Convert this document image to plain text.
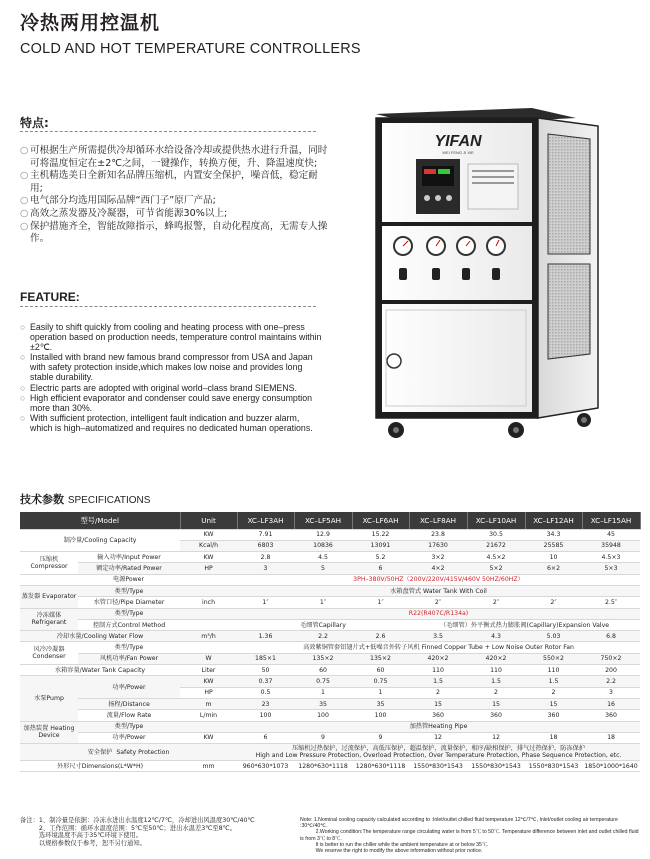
冷热两用控温机
COLD AND HOT TEMPERATURE CONTROLLERS
特点:
○ 可根据生产所需提供冷却循环水给设备冷却或提供热水进行升温，同时可将温度恒定在±2℃之间，一键操作，转换方便，升、降温速度快;
○ 主机精选美日全新知名品牌压缩机，内置安全保护，噪音低，稳定耐用;
○ 电气部分均选用国际品牌“西门子”原厂产品;
○ 高效之蒸发器及冷凝器，可节省能源30%以上;
○ 保护措施齐全，智能故障指示，蜂鸣报警，自动化程度高，无需专人操作。
FEATURE:
○ Easily to shift quickly from cooling and heating process with one–press operation based on production needs, temperature control maintains within ±2℃.
○ Installed with brand new famous brand compressor from USA and Japan with safety protection inside,which makes low noise and provides long stable durability.
○ Electric parts are adopted with original world–class brand SIEMENS.
○ High efficient evaporator and condenser could save energy consumption more than 30%.
○ With sufficient protection, intelligent fault indication and buzzer alarm, which is high–automatized and requires no dedicated human operations.
YIFAN
WEI FENG JI XIE
技术参数 SPECIFICATIONS
型号/Model		Unit	XC–LF3AH	XC–LF5AH	XC–LF6AH	XC–LF8AH	XC–LF10AH	XC–LF12AH	XC–LF15AH
制冷量/Cooling Capacity		KW	7.91	12.9	15.22	23.8	30.5	34.3	45
		Kcal/h	6803	10836	13091	17630	21672	25585	35948
压缩机 Compressor	输入功率/Input Power	KW	2.8	4.5	5.2	3×2	4.5×2	10	4.5×3
	额定功率/Rated Power	HP	3	5	6	4×2	5×2	6×2	5×3
电源Power			3PH–380V/50HZ（200V/220V/415V/460V 50HZ/60HZ）						
蒸发器 Evaporator	类型/Type		水箱盘管式 Water Tank With Coil						
	水管口径/Pipe Diameter	inch	1″	1″	1″	2″	2″	2″	2.5″
冷冻媒体 Refrigerant	类型/Type		R22(R407C/R134a)						
	控制方式Control Method		毛细管Capillary			（毛细管）外平衡式热力膨胀阀(Capillary)Expansion Valve			
冷却水量/Cooling Water Flow		m³/h	1.36	2.2	2.6	3.5	4.3	5.03	6.8
风冷冷凝器 Condenser	类型/Type		高效紫铜管套铝翅片式+低噪音外转子风机 Finned Copper Tube + Low Noise Outer Rotor Fan						
	风机功率/Fan Power	W	185×1	135×2	135×2	420×2	420×2	550×2	750×2
水箱容量/Water Tank Capacity		Liter	50	60	60	110	110	110	200
水泵Pump	功率/Power	KW	0.37	0.75	0.75	1.5	1.5	1.5	2.2
		HP	0.5	1	1	2	2	2	3
	扬程/Distance	m	23	35	35	15	15	15	16
	流量/Flow Rate	L/min	100	100	100	360	360	360	360
加热装置 Heating Device	类型/Type		加热管Heating Pipe						
	功率/Power	KW	6	9	9	12	12	18	18
安全保护 Safety Protection			压缩机过热保护，过流保护，高低压保护，超温保护，流量保护，相序/缺相保护，排气过热保护，防冻保护
High and Low Pressure Protection, Overload Protection, Over Temperature Protection, Phase Sequence Protection, etc.						

外形尺寸Dimensions(L*W*H)		mm	960*630*1073	1280*630*1118	1280*630*1118	1550*830*1543	1550*830*1543	1550*830*1543	1850*1000*1640
备注：1、制冷量是依据：冷冻水进出水温度12℃/7℃，冷却进出风温度30℃/40℃
　　　2、工作范围：循环水温度范围：5℃至50℃；进出水温差3℃至8℃。
　　　选环境温度不高于35℃环境下使用。
　　　以规格参数仅于参考，恕不另行通知。
Note: 1.Nominal cooling capacity calculated according to :Inlet/outlet chilled fluid temperature 12℃/7℃, Inlet/outlet cooling air temperature :30℃/40℃.
　　　2.Working condition:The temperature range circulating water is from 5℃ to 50℃. Temperature difference between inlet and outlet chilled fluid is from 3℃ to 8℃.
　　　It is better to run the chiller while the ambient temperature at or below 35℃.
　　　We reserve the right to modify the above information without prior notice.
